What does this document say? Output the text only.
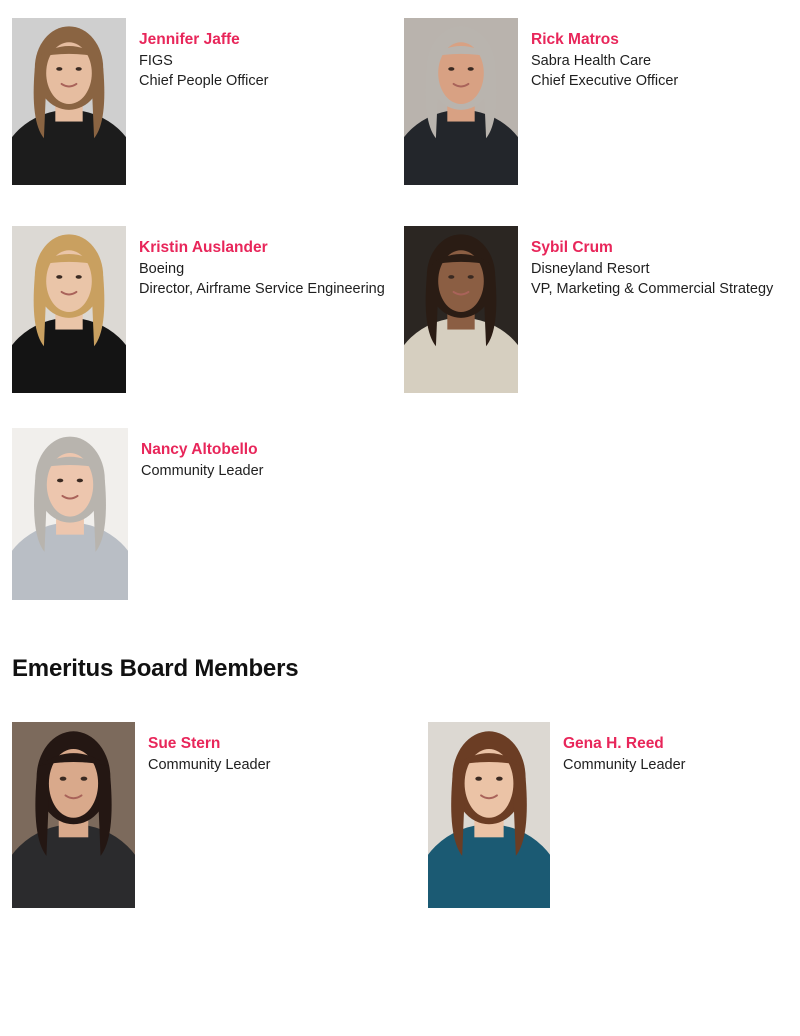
Jennifer Jaffe

FIGS

Chief People Officer

Rick Matros

Sabra Health Care

Chief Executive Officer

Kristin Auslander

Boeing

Director, Airframe Service Engineering

Sybil Crum

Disneyland Resort

VP, Marketing & Commercial Strategy

Nancy Altobello

Community Leader

Emeritus Board Members

Sue Stern

Community Leader

Gena H. Reed

Community Leader
